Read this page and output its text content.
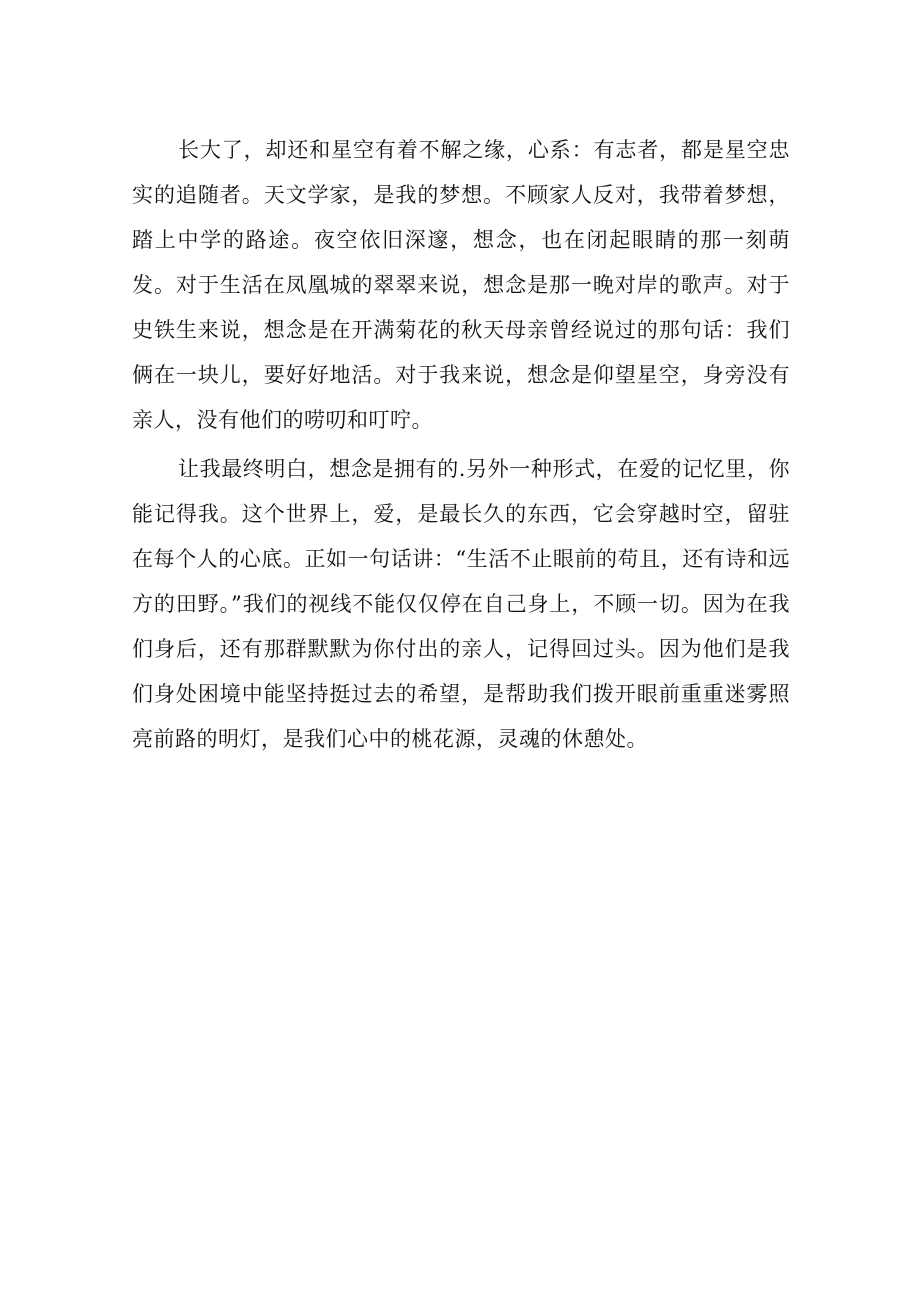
长大了，却还和星空有着不解之缘，心系：有志者，都是星空忠实的追随者。天文学家，是我的梦想。不顾家人反对，我带着梦想，踏上中学的路途。夜空依旧深邃，想念，也在闭起眼睛的那一刻萌发。对于生活在凤凰城的翠翠来说，想念是那一晚对岸的歌声。对于史铁生来说，想念是在开满菊花的秋天母亲曾经说过的那句话：我们俩在一块儿，要好好地活。对于我来说，想念是仰望星空，身旁没有亲人，没有他们的唠叨和叮咛。

让我最终明白，想念是拥有的.另外一种形式，在爱的记忆里，你能记得我。这个世界上，爱，是最长久的东西，它会穿越时空，留驻在每个人的心底。正如一句话讲：“生活不止眼前的苟且，还有诗和远方的田野。”我们的视线不能仅仅停在自己身上，不顾一切。因为在我们身后，还有那群默默为你付出的亲人，记得回过头。因为他们是我们身处困境中能坚持挺过去的希望，是帮助我们拨开眼前重重迷雾照亮前路的明灯，是我们心中的桃花源，灵魂的休憩处。
